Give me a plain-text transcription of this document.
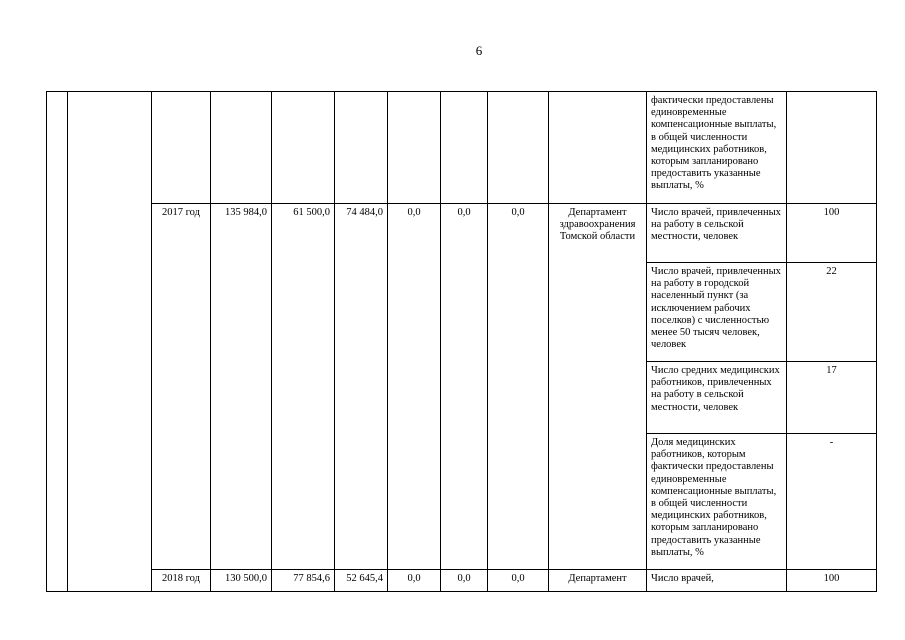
6
										фактически предоставлены единовременные компенсационные выплаты, в общей численности медицинских работников, которым запланировано предоставить указанные выплаты, %	
		2017 год	135 984,0	61 500,0	74 484,0	0,0	0,0	0,0	Департамент здравоохранения Томской области	Число врачей, привлеченных на работу в сельской местности, человек	100
										Число врачей, привлеченных на работу в городской населенный пункт (за исключением рабочих поселков) с численностью менее 50 тысяч человек, человек	22
										Число средних медицинских работников, привлеченных на работу в сельской местности, человек	17
										Доля медицинских работников, которым фактически предоставлены единовременные компенсационные выплаты, в общей численности медицинских работников, которым запланировано предоставить указанные выплаты, %	-
		2018 год	130 500,0	77 854,6	52 645,4	0,0	0,0	0,0	Департамент	Число врачей,	100
